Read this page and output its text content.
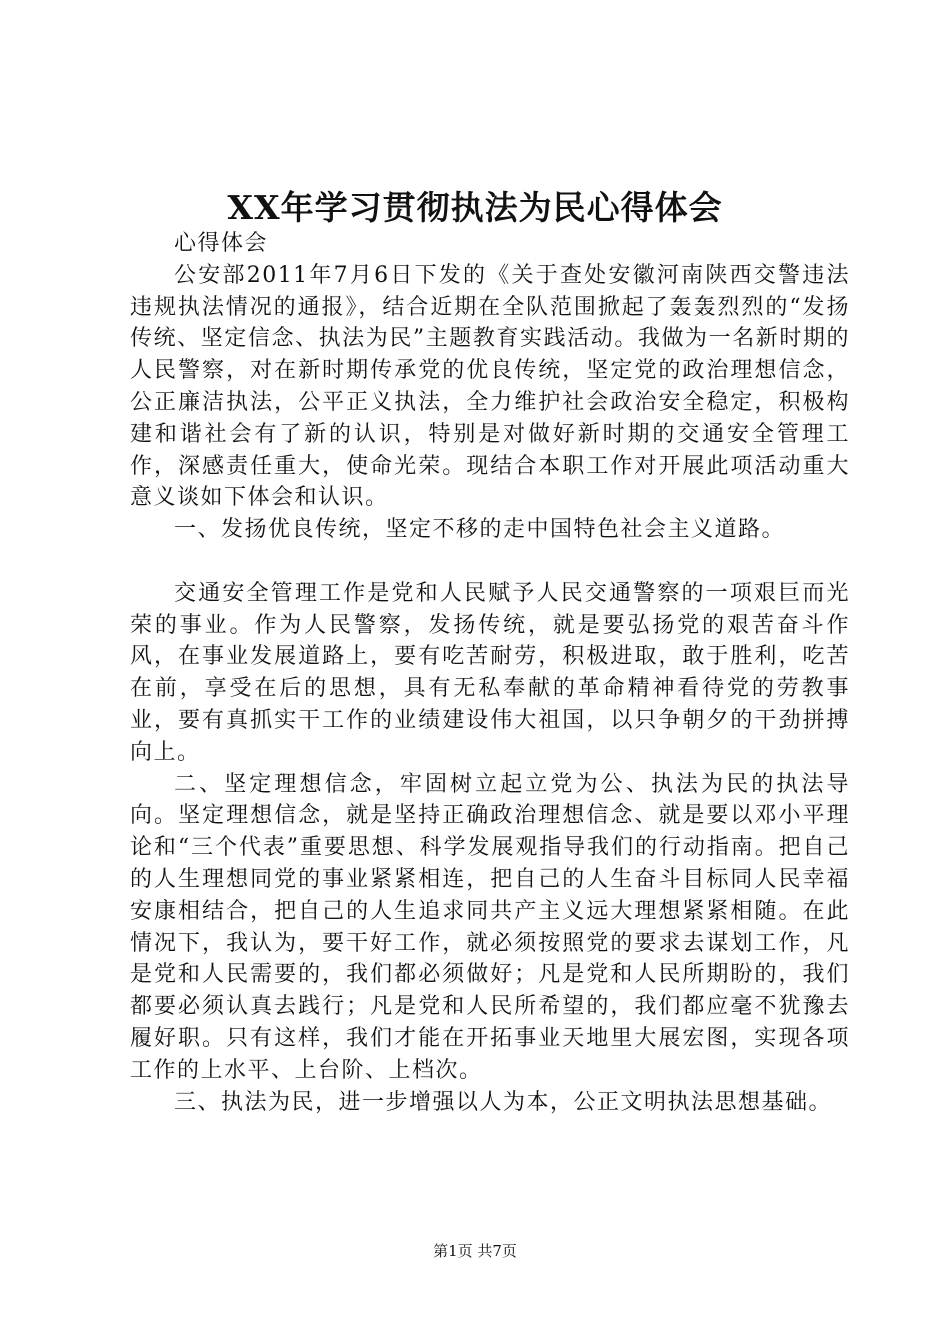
XX年学习贯彻执法为民心得体会

心得体会

公安部2011年7月6日下发的《关于查处安徽河南陕西交警违法违规执法情况的通报》，结合近期在全队范围掀起了轰轰烈烈的“发扬传统、坚定信念、执法为民”主题教育实践活动。我做为一名新时期的人民警察，对在新时期传承党的优良传统，坚定党的政治理想信念，公正廉洁执法，公平正义执法，全力维护社会政治安全稳定，积极构建和谐社会有了新的认识，特别是对做好新时期的交通安全管理工作，深感责任重大，使命光荣。现结合本职工作对开展此项活动重大意义谈如下体会和认识。

一、发扬优良传统，坚定不移的走中国特色社会主义道路。

交通安全管理工作是党和人民赋予人民交通警察的一项艰巨而光荣的事业。作为人民警察，发扬传统，就是要弘扬党的艰苦奋斗作风，在事业发展道路上，要有吃苦耐劳，积极进取，敢于胜利，吃苦在前，享受在后的思想，具有无私奉献的革命精神看待党的劳教事业，要有真抓实干工作的业绩建设伟大祖国，以只争朝夕的干劲拼搏向上。

二、坚定理想信念，牢固树立起立党为公、执法为民的执法导向。坚定理想信念，就是坚持正确政治理想信念、就是要以邓小平理论和“三个代表”重要思想、科学发展观指导我们的行动指南。把自己的人生理想同党的事业紧紧相连，把自己的人生奋斗目标同人民幸福安康相结合，把自己的人生追求同共产主义远大理想紧紧相随。在此情况下，我认为，要干好工作，就必须按照党的要求去谋划工作，凡是党和人民需要的，我们都必须做好；凡是党和人民所期盼的，我们都要必须认真去践行；凡是党和人民所希望的，我们都应毫不犹豫去履好职。只有这样，我们才能在开拓事业天地里大展宏图，实现各项工作的上水平、上台阶、上档次。

三、执法为民，进一步增强以人为本，公正文明执法思想基础。

第1页 共7页
